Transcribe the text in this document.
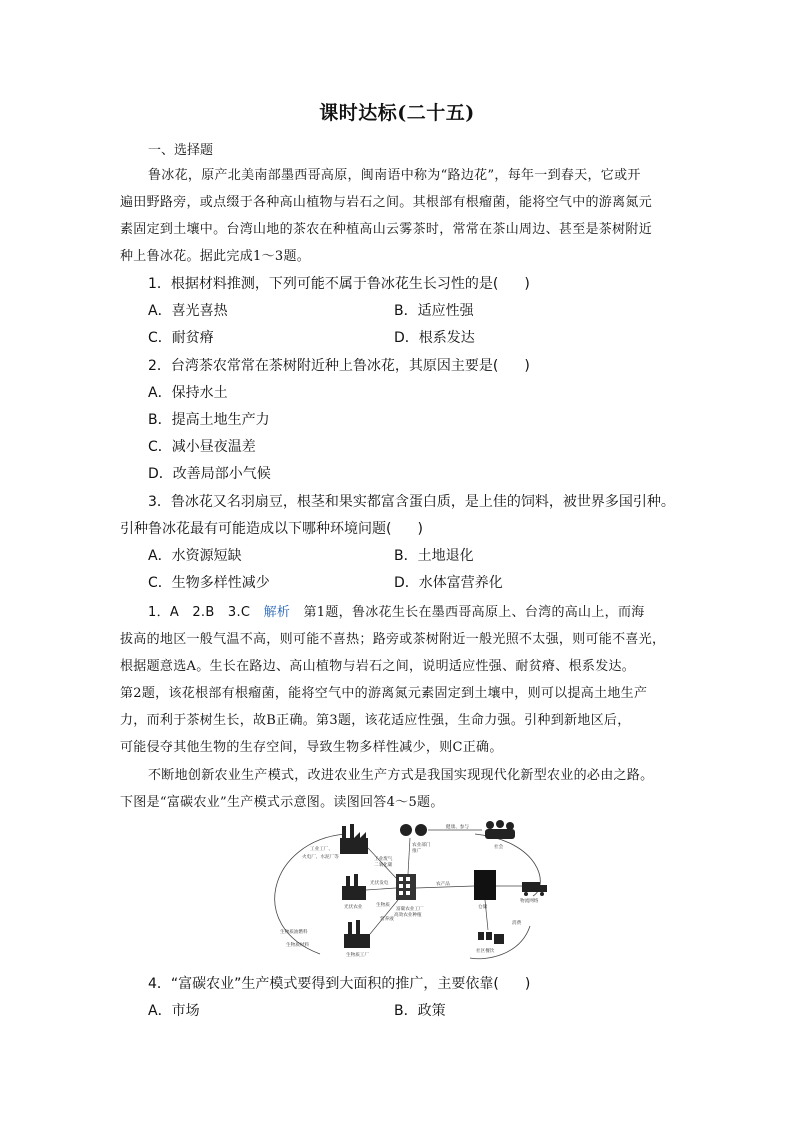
课时达标(二十五)
一、选择题
鲁冰花，原产北美南部墨西哥高原，闽南语中称为“路边花”，每年一到春天，它或开
遍田野路旁，或点缀于各种高山植物与岩石之间。其根部有根瘤菌，能将空气中的游离氮元
素固定到土壤中。台湾山地的茶农在种植高山云雾茶时，常常在茶山周边、甚至是茶树附近
种上鲁冰花。据此完成1～3题。
1．根据材料推测，下列可能不属于鲁冰花生长习性的是( )
A．喜光喜热	B．适应性强
C．耐贫瘠	D．根系发达
2．台湾茶农常常在茶树附近种上鲁冰花，其原因主要是( )
A．保持水土
B．提高土地生产力
C．减小昼夜温差
D．改善局部小气候
3．鲁冰花又名羽扇豆，根茎和果实都富含蛋白质，是上佳的饲料，被世界多国引种。
引种鲁冰花最有可能造成以下哪种环境问题( )
A．水资源短缺	B．土地退化
C．生物多样性减少	D．水体富营养化
1．A　2.B　3.C　解析　第1题，鲁冰花生长在墨西哥高原上、台湾的高山上，而海
拔高的地区一般气温不高，则可能不喜热；路旁或茶树附近一般光照不太强，则可能不喜光，
根据题意选A。生长在路边、高山植物与岩石之间，说明适应性强、耐贫瘠、根系发达。
第2题，该花根部有根瘤菌，能将空气中的游离氮元素固定到土壤中，则可以提高土地生产
力，而利于茶树生长，故B正确。第3题，该花适应性强，生命力强。引种到新地区后，
可能侵夺其他生物的生存空间，导致生物多样性减少，则C正确。
不断地创新农业生产模式，改进农业生产方式是我国实现现代化新型农业的必由之路。
下图是“富碳农业”生产模式示意图。读图回答4～5题。
工业工厂、
火电厂、水泥厂等	工业废气
二氧化碳
光伏发电
光伏农业	生物质
生物质油燃料
生物质材料
生物质工厂
营养液
富碳农业工厂
高效农业种植
农产品
仓储
物流网络
农业部门
推广
社会
健康、参与
消费
社区餐饮
4．“富碳农业”生产模式要得到大面积的推广，主要依靠( )
A．市场	B．政策
